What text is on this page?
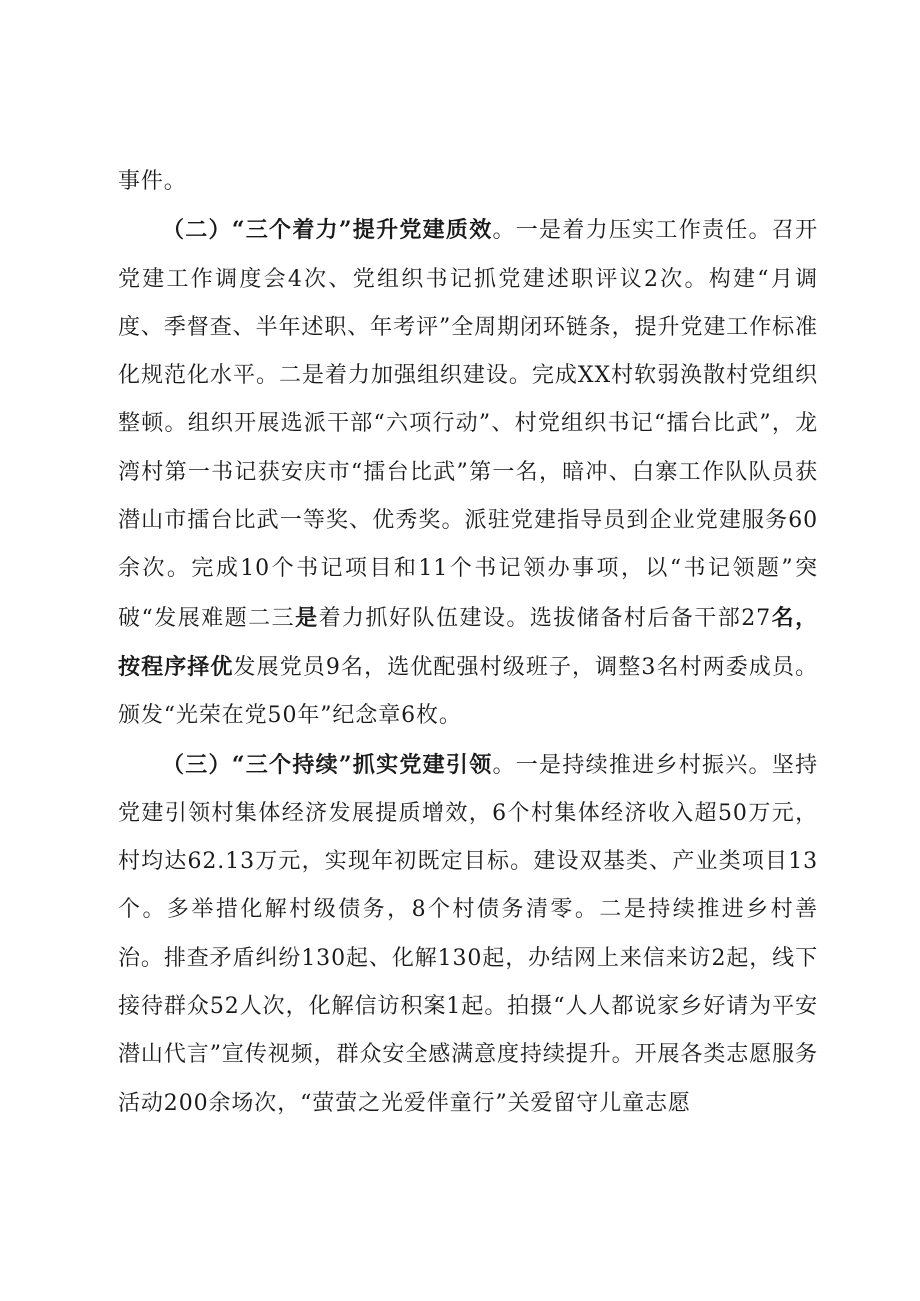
事件。

（二）“三个着力”提升党建质效。一是着力压实工作责任。召开党建工作调度会4次、党组织书记抓党建述职评议2次。构建“月调度、季督查、半年述职、年考评”全周期闭环链条，提升党建工作标准化规范化水平。二是着力加强组织建设。完成XX村软弱涣散村党组织整顿。组织开展选派干部“六项行动”、村党组织书记“擂台比武”，龙湾村第一书记获安庆市“擂台比武”第一名，暗冲、白寨工作队队员获潜山市擂台比武一等奖、优秀奖。派驻党建指导员到企业党建服务60余次。完成10个书记项目和11个书记领办事项，以“书记领题”突破“发展难题二三是着力抓好队伍建设。选拔储备村后备干部27名，按程序择优发展党员9名，选优配强村级班子，调整3名村两委成员。颁发“光荣在党50年”纪念章6枚。

（三）“三个持续”抓实党建引领。一是持续推进乡村振兴。坚持党建引领村集体经济发展提质增效，6个村集体经济收入超50万元，村均达62.13万元，实现年初既定目标。建设双基类、产业类项目13个。多举措化解村级债务，8个村债务清零。二是持续推进乡村善治。排查矛盾纠纷130起、化解130起，办结网上来信来访2起，线下接待群众52人次，化解信访积案1起。拍摄“人人都说家乡好请为平安潜山代言”宣传视频，群众安全感满意度持续提升。开展各类志愿服务活动200余场次，“萤萤之光爱伴童行”关爱留守儿童志愿
